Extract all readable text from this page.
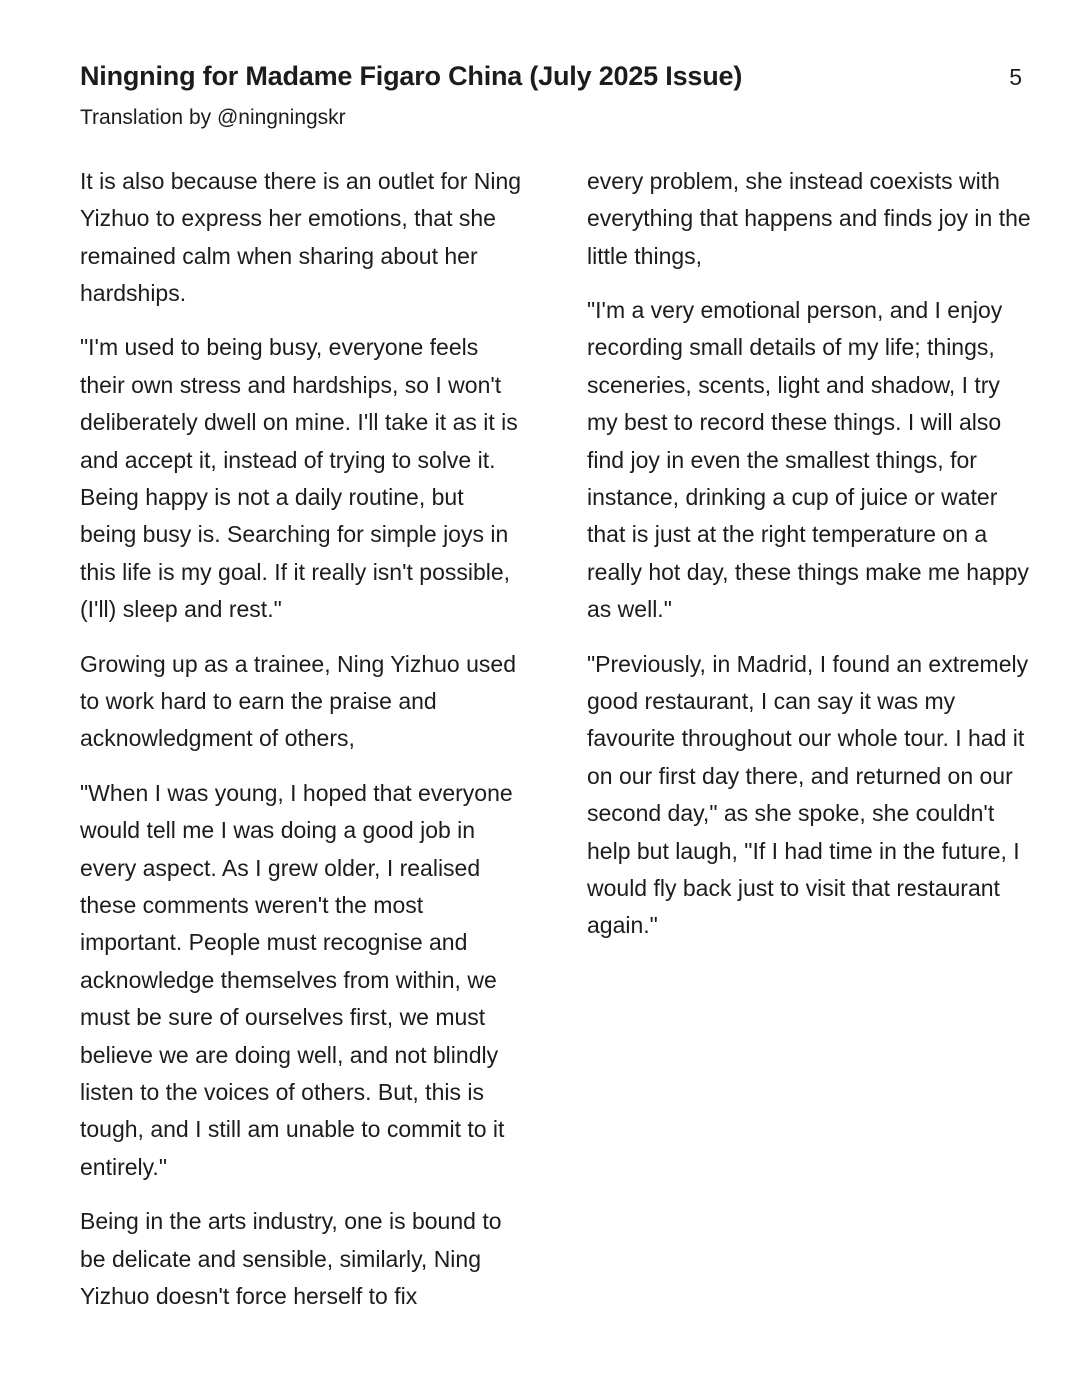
Ningning for Madame Figaro China (July 2025 Issue)	5
Translation by @ningningskr

It is also because there is an outlet for Ning Yizhuo to express her emotions, that she remained calm when sharing about her hardships.

"I'm used to being busy, everyone feels their own stress and hardships, so I won't deliberately dwell on mine. I'll take it as it is and accept it, instead of trying to solve it. Being happy is not a daily routine, but being busy is. Searching for simple joys in this life is my goal. If it really isn't possible, (I'll) sleep and rest."

Growing up as a trainee, Ning Yizhuo used to work hard to earn the praise and acknowledgment of others,

"When I was young, I hoped that everyone would tell me I was doing a good job in every aspect. As I grew older, I realised these comments weren't the most important. People must recognise and acknowledge themselves from within, we must be sure of ourselves first, we must believe we are doing well, and not blindly listen to the voices of others. But, this is tough, and I still am unable to commit to it entirely."

Being in the arts industry, one is bound to be delicate and sensible, similarly, Ning Yizhuo doesn't force herself to fix

every problem, she instead coexists with everything that happens and finds joy in the little things,

"I'm a very emotional person, and I enjoy recording small details of my life; things, sceneries, scents, light and shadow, I try my best to record these things. I will also find joy in even the smallest things, for instance, drinking a cup of juice or water that is just at the right temperature on a really hot day, these things make me happy as well."

"Previously, in Madrid, I found an extremely good restaurant, I can say it was my favourite throughout our whole tour. I had it on our first day there, and returned on our second day," as she spoke, she couldn't help but laugh, "If I had time in the future, I would fly back just to visit that restaurant again."
